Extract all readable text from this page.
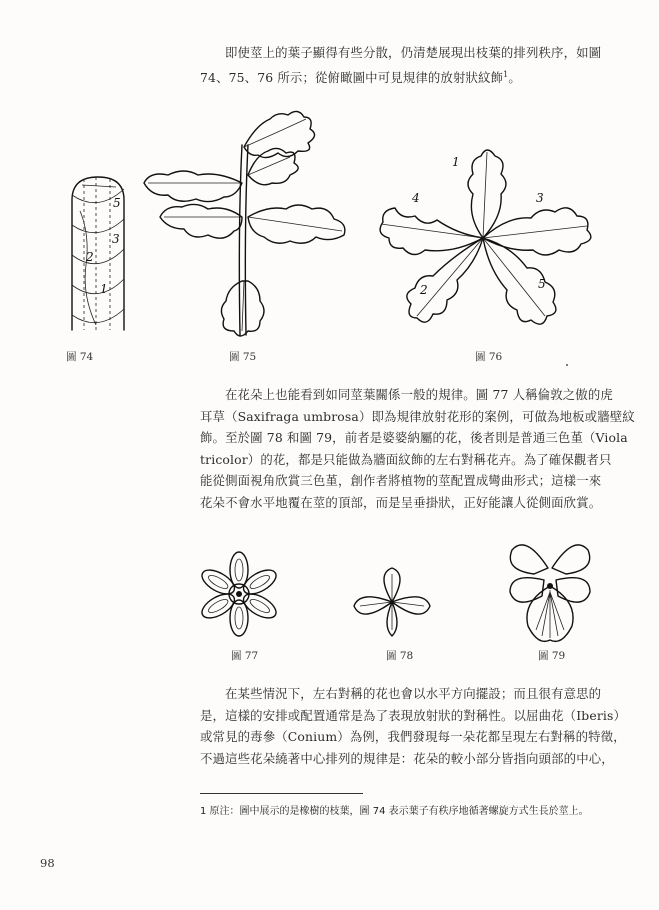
即使莖上的葉子顯得有些分散，仍清楚展現出枝葉的排列秩序，如圖
74、75、76 所示；從俯瞰圖中可見規律的放射狀紋飾$^1$。
5
3
2
1
1
2
3
4
5
圖 74	圖 75	圖 76
在花朵上也能看到如同莖葉關係一般的規律。圖 77 人稱倫敦之傲的虎
耳草（Saxifraga umbrosa）即為規律放射花形的案例，可做為地板或牆壁紋
飾。至於圖 78 和圖 79，前者是婆婆納屬的花，後者則是普通三色堇（Viola
tricolor）的花，都是只能做為牆面紋飾的左右對稱花卉。為了確保觀者只
能從側面視角欣賞三色堇，創作者將植物的莖配置成彎曲形式；這樣一來
花朵不會水平地覆在莖的頂部，而是呈垂掛狀，正好能讓人從側面欣賞。
圖 77	圖 78	圖 79
在某些情況下，左右對稱的花也會以水平方向擺設；而且很有意思的
是，這樣的安排或配置通常是為了表現放射狀的對稱性。以屈曲花（Iberis）
或常見的毒參（Conium）為例，我們發現每一朵花都呈現左右對稱的特徵，
不過這些花朵繞著中心排列的規律是：花朵的較小部分皆指向頭部的中心，
1 原注：圖中展示的是橡樹的枝葉，圖 74 表示葉子有秩序地循著螺旋方式生長於莖上。
98
